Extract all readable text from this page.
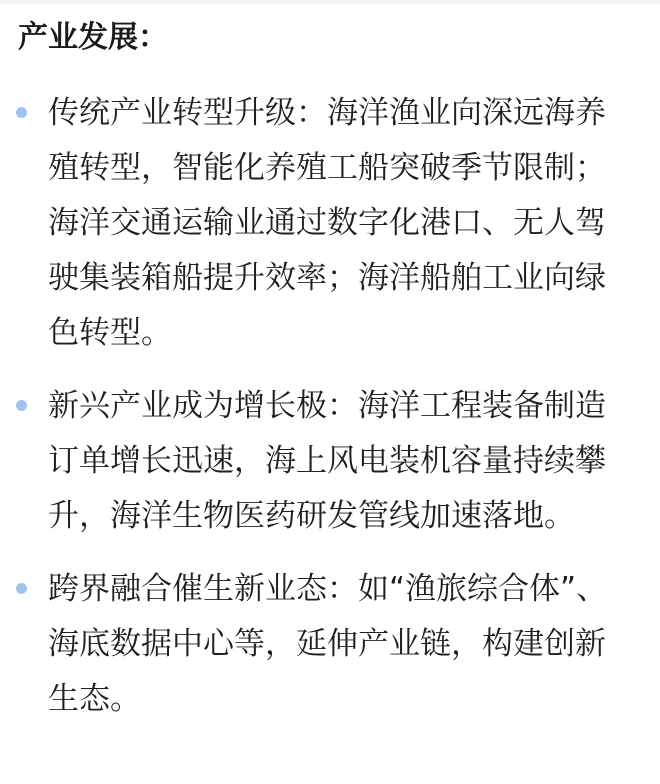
产业发展：
传统产业转型升级：海洋渔业向深远海养殖转型，智能化养殖工船突破季节限制；海洋交通运输业通过数字化港口、无人驾驶集装箱船提升效率；海洋船舶工业向绿色转型。
新兴产业成为增长极：海洋工程装备制造订单增长迅速，海上风电装机容量持续攀升，海洋生物医药研发管线加速落地。
跨界融合催生新业态：如“渔旅综合体”、海底数据中心等，延伸产业链，构建创新生态。
